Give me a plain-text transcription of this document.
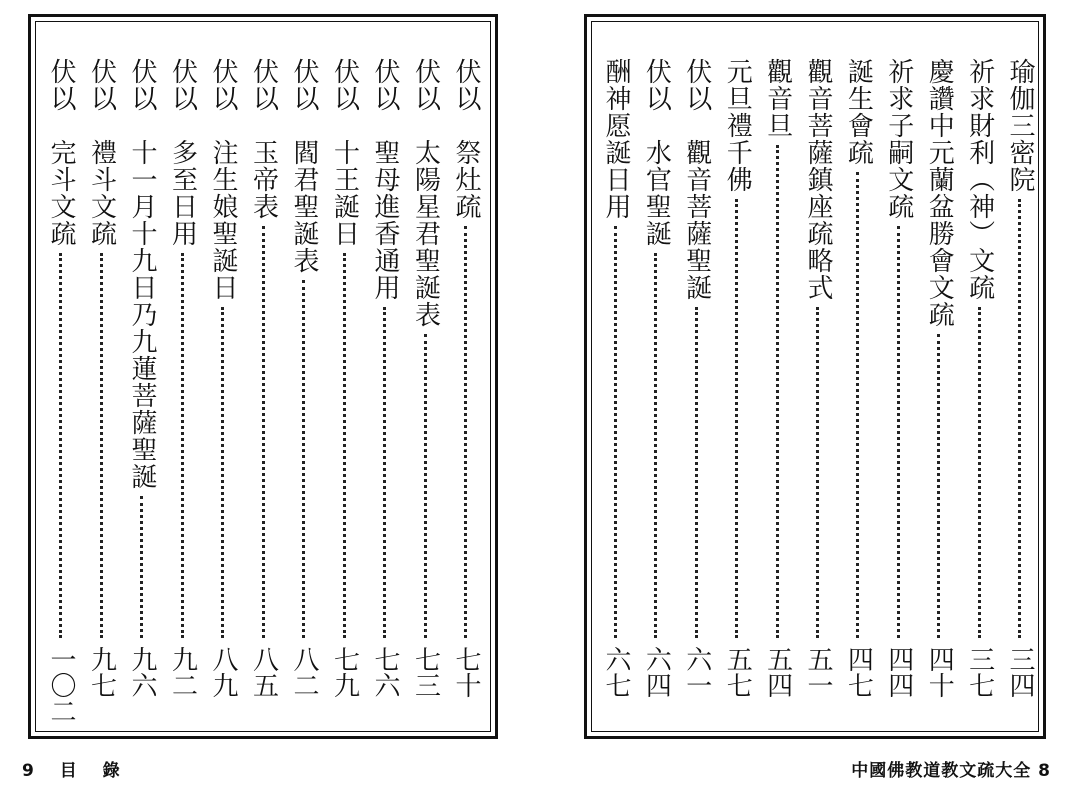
伏以　祭灶疏
七十
伏以　太陽星君聖誕表
七三
伏以　聖母進香通用
七六
伏以　十王誕日
七九
伏以　閻君聖誕表
八二
伏以　玉帝表
八五
伏以　注生娘聖誕日
八九
伏以　多至日用
九二
伏以　十一月十九日乃九蓮菩薩聖誕
九六
伏以　禮斗文疏
九七
伏以　完斗文疏
一〇二
瑜伽三密院
三四
祈求財利（神）文疏
三七
慶讚中元蘭盆勝會文疏
四十
祈求子嗣文疏
四四
誕生會疏
四七
觀音菩薩鎮座疏略式
五一
觀音旦
五四
元旦禮千佛
五七
伏以　觀音菩薩聖誕
六一
伏以　水官聖誕
六四
酬神愿誕日用
六七
9 目 錄	中國佛教道教文疏大全 8
